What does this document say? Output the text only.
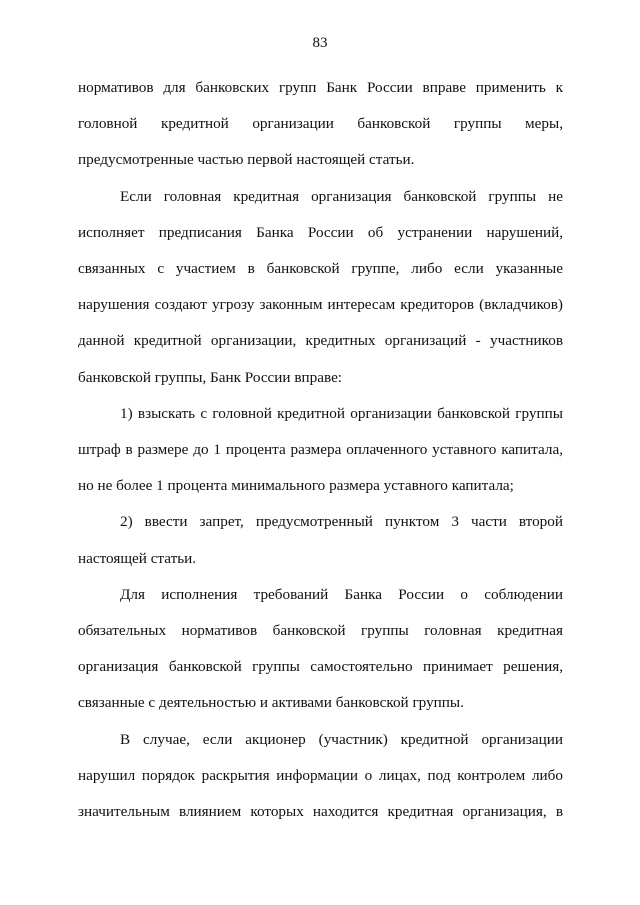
83

нормативов для банковских групп Банк России вправе применить к головной кредитной организации банковской группы меры, предусмотренные частью первой настоящей статьи.

Если головная кредитная организация банковской группы не исполняет предписания Банка России об устранении нарушений, связанных с участием в банковской группе, либо если указанные нарушения создают угрозу законным интересам кредиторов (вкладчиков) данной кредитной организации, кредитных организаций - участников банковской группы, Банк России вправе:

1) взыскать с головной кредитной организации банковской группы штраф в размере до 1 процента размера оплаченного уставного капитала, но не более 1 процента минимального размера уставного капитала;

2) ввести запрет, предусмотренный пунктом 3 части второй настоящей статьи.

Для исполнения требований Банка России о соблюдении обязательных нормативов банковской группы головная кредитная организация банковской группы самостоятельно принимает решения, связанные с деятельностью и активами банковской группы.

В случае, если акционер (участник) кредитной организации нарушил порядок раскрытия информации о лицах, под контролем либо значительным влиянием которых находится кредитная организация, в
